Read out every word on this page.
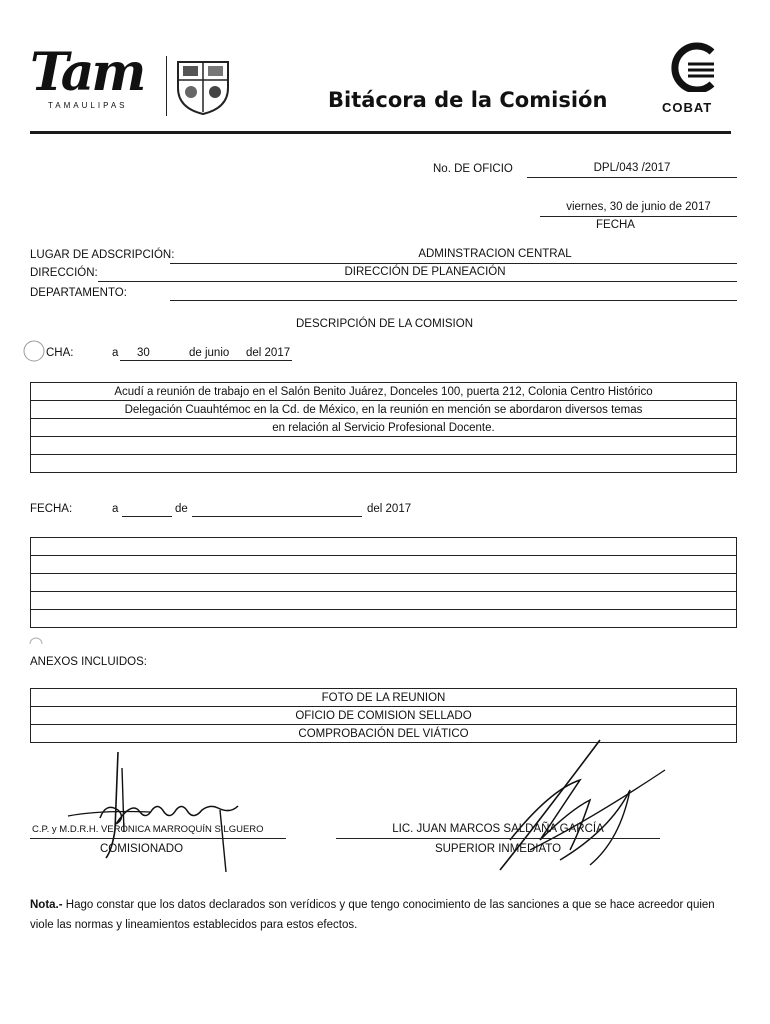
Tam
TAMAULIPAS	Bitácora de la Comisión	COBAT
No. DE OFICIO	DPL/043 /2017
viernes, 30 de junio de 2017
FECHA
LUGAR DE ADSCRIPCIÓN:	ADMINSTRACION CENTRAL
DIRECCIÓN:	DIRECCIÓN DE PLANEACIÓN
DEPARTAMENTO:
DESCRIPCIÓN DE LA COMISION
CHA:	a 30	de junio del 2017
Acudí a reunión de trabajo en el Salón Benito Juárez, Donceles 100, puerta 212, Colonia Centro Histórico
Delegación Cuauhtémoc en la Cd. de México, en la reunión en mención se abordaron diversos temas
en relación al Servicio Profesional Docente.

FECHA:	a	de	del 2017

ANEXOS INCLUIDOS:
FOTO DE LA REUNION
OFICIO DE COMISION SELLADO
COMPROBACIÓN DEL VIÁTICO
C.P. y M.D.R.H. VERÓNICA MARROQUÍN SILGUERO
COMISIONADO
LIC. JUAN MARCOS SALDAÑA GARCÍA
SUPERIOR INMEDIATO
Nota.- Hago constar que los datos declarados son verídicos y que tengo conocimiento de las sanciones a que se hace acreedor quien viole las normas y lineamientos establecidos para estos efectos.
